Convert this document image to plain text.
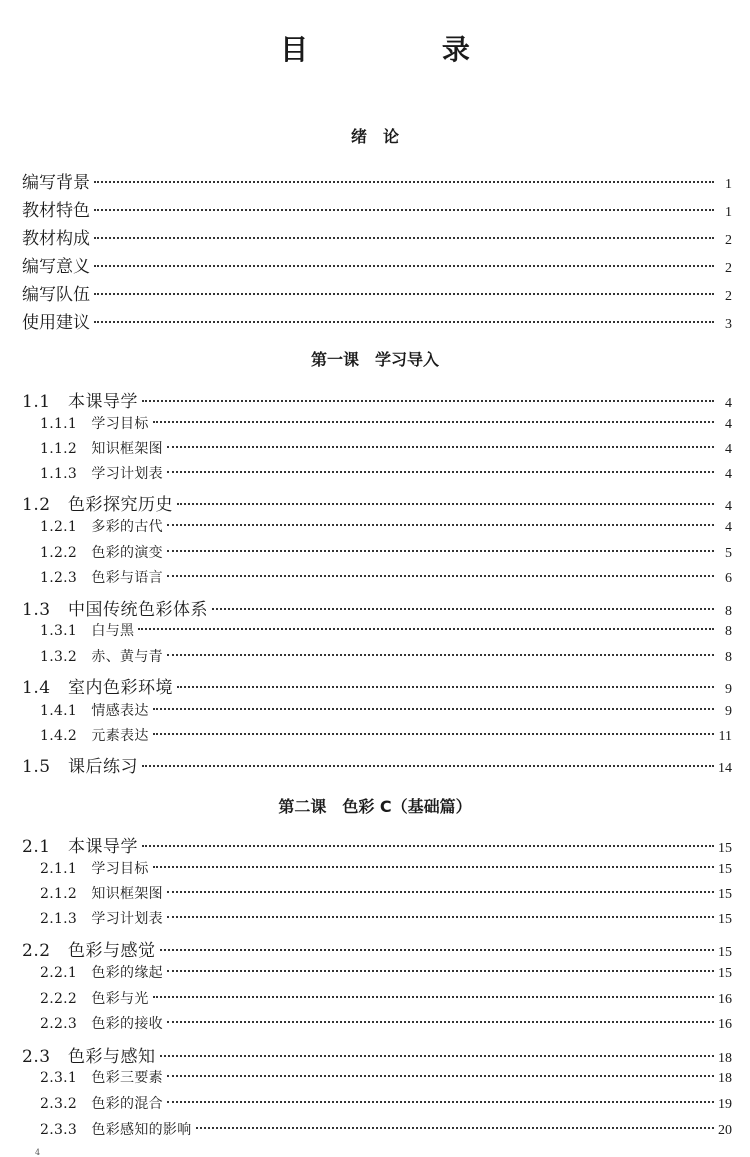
目 录
绪　论
编写背景	1
教材特色	1
教材构成	2
编写意义	2
编写队伍	2
使用建议	3
第一课　学习导入
1.1　本课导学	4
1.1.1　学习目标	4
1.1.2　知识框架图	4
1.1.3　学习计划表	4
1.2　色彩探究历史	4
1.2.1　多彩的古代	4
1.2.2　色彩的演变	5
1.2.3　色彩与语言	6
1.3　中国传统色彩体系	8
1.3.1　白与黑	8
1.3.2　赤、黄与青	8
1.4　室内色彩环境	9
1.4.1　情感表达	9
1.4.2　元素表达	11
1.5　课后练习	14
第二课　色彩 C（基础篇）
2.1　本课导学	15
2.1.1　学习目标	15
2.1.2　知识框架图	15
2.1.3　学习计划表	15
2.2　色彩与感觉	15
2.2.1　色彩的缘起	15
2.2.2　色彩与光	16
2.2.3　色彩的接收	16
2.3　色彩与感知	18
2.3.1　色彩三要素	18
2.3.2　色彩的混合	19
2.3.3　色彩感知的影响	20
4
